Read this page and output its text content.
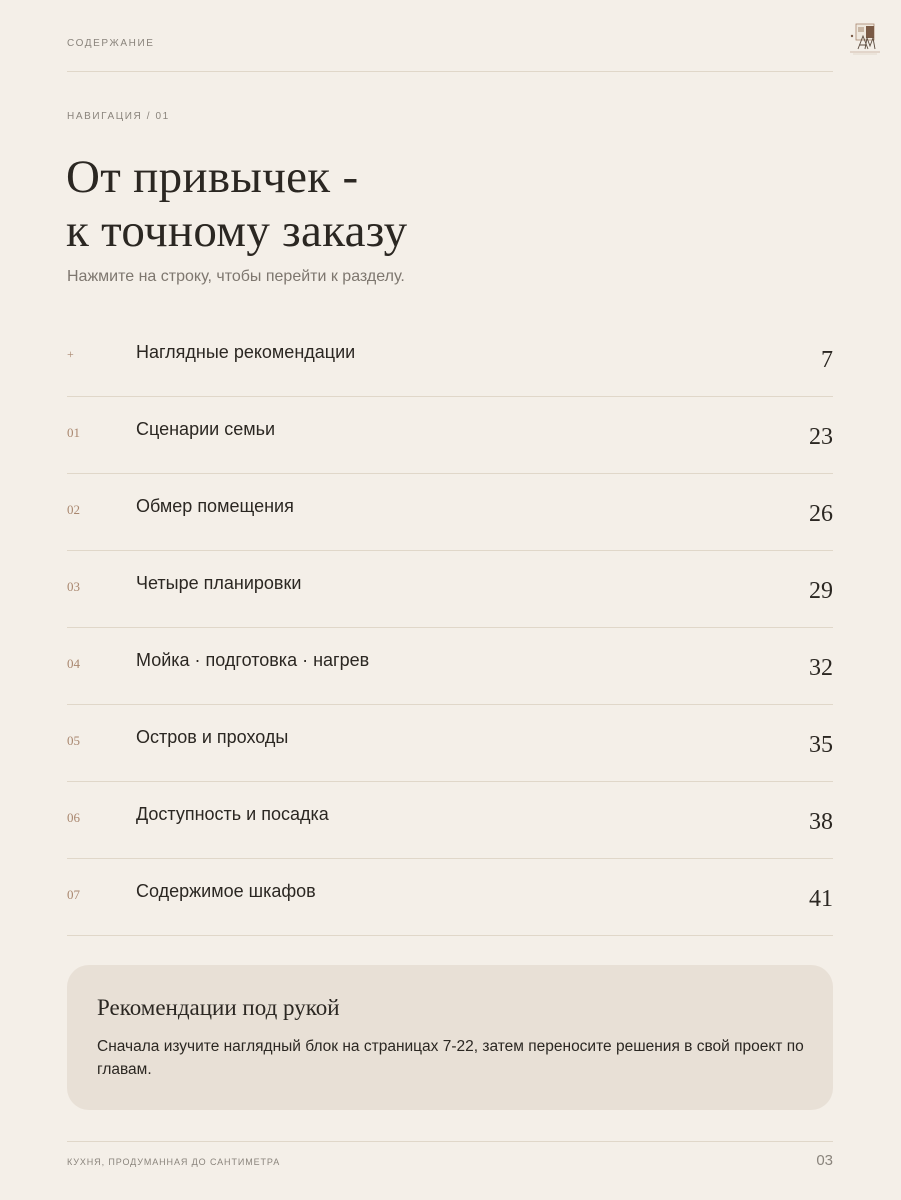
СОДЕРЖАНИЕ
НАВИГАЦИЯ / 01
От привычек -
к точному заказу
Нажмите на строку, чтобы перейти к разделу.
+	Наглядные рекомендации	7
01	Сценарии семьи	23
02	Обмер помещения	26
03	Четыре планировки	29
04	Мойка · подготовка · нагрев	32
05	Остров и проходы	35
06	Доступность и посадка	38
07	Содержимое шкафов	41
Рекомендации под рукой
Сначала изучите наглядный блок на страницах 7-22, затем переносите решения в свой проект по главам.
КУХНЯ, ПРОДУМАННАЯ ДО САНТИМЕТРА	03
